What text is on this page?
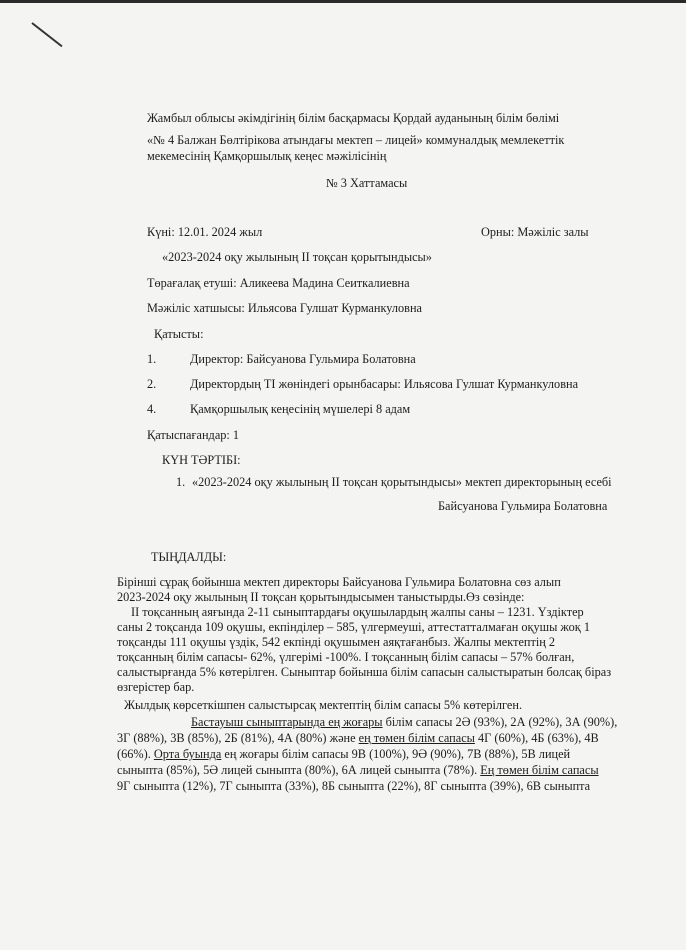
Жамбыл облысы әкімдігінің білім басқармасы Қордай ауданының білім бөлімі
«№ 4 Балжан Бөлтірікова атындағы мектеп – лицей» коммуналдық мемлекеттік
мекемесінің Қамқоршылық кеңес мәжілісінің
№ 3 Хаттамасы
Күні: 12.01. 2024 жыл	Орны: Мәжіліс залы
«2023-2024 оқу жылының ІІ тоқсан қорытындысы»
Төрағалақ етуші: Аликеева Мадина Сеиткалиевна
Мәжіліс хатшысы: Ильясова Гулшат Курманкуловна
Қатысты:
1.	Директор: Байсуанова Гульмира Болатовна
2.	Директордың ТІ жөніндегі орынбасары: Ильясова Гулшат Курманкуловна
4.	Қамқоршылық кеңесінің мүшелері 8 адам
Қатыспағандар: 1
КҮН ТӘРТІБІ:
1. «2023-2024 оқу жылының ІІ тоқсан қорытындысы» мектеп директорының есебі
Байсуанова Гульмира Болатовна
ТЫҢДАЛДЫ:
Бірінші сұрақ бойынша мектеп директоры Байсуанова Гульмира Болатовна сөз алып
2023-2024 оқу жылының ІІ тоқсан қорытындысымен таныстырды.Өз сөзінде:
ІІ тоқсанның аяғында 2-11 сыныптардағы оқушылардың жалпы саны – 1231. Үздіктер
саны 2 тоқсанда 109 оқушы, екпінділер – 585, үлгермеуші, аттестатталмаған оқушы жоқ 1
тоқсанды 111 оқушы үздік, 542 екпінді оқушымен аяқтағанбыз. Жалпы мектептің 2
тоқсанның білім сапасы- 62%, үлгерімі -100%. І тоқсанның білім сапасы – 57% болған,
салыстырғанда 5% көтерілген. Сыныптар бойынша білім сапасын салыстыратын болсақ біраз
өзгерістер бар.
Жылдық көрсеткішпен салыстырсақ мектептің білім сапасы 5% көтерілген.
Бастауыш сыныптарында ең жоғары білім сапасы 2Ә (93%), 2А (92%), 3А (90%),
3Г (88%), 3В (85%), 2Б (81%), 4А (80%) және ең төмен білім сапасы 4Г (60%), 4Б (63%), 4В
(66%). Орта буында ең жоғары білім сапасы 9В (100%), 9Ә (90%), 7В (88%), 5В лицей
сыныпта (85%), 5Ә лицей сыныпта (80%), 6А лицей сыныпта (78%). Ең төмен білім сапасы
9Г сыныпта (12%), 7Г сыныпта (33%), 8Б сыныпта (22%), 8Г сыныпта (39%), 6В сыныпта
